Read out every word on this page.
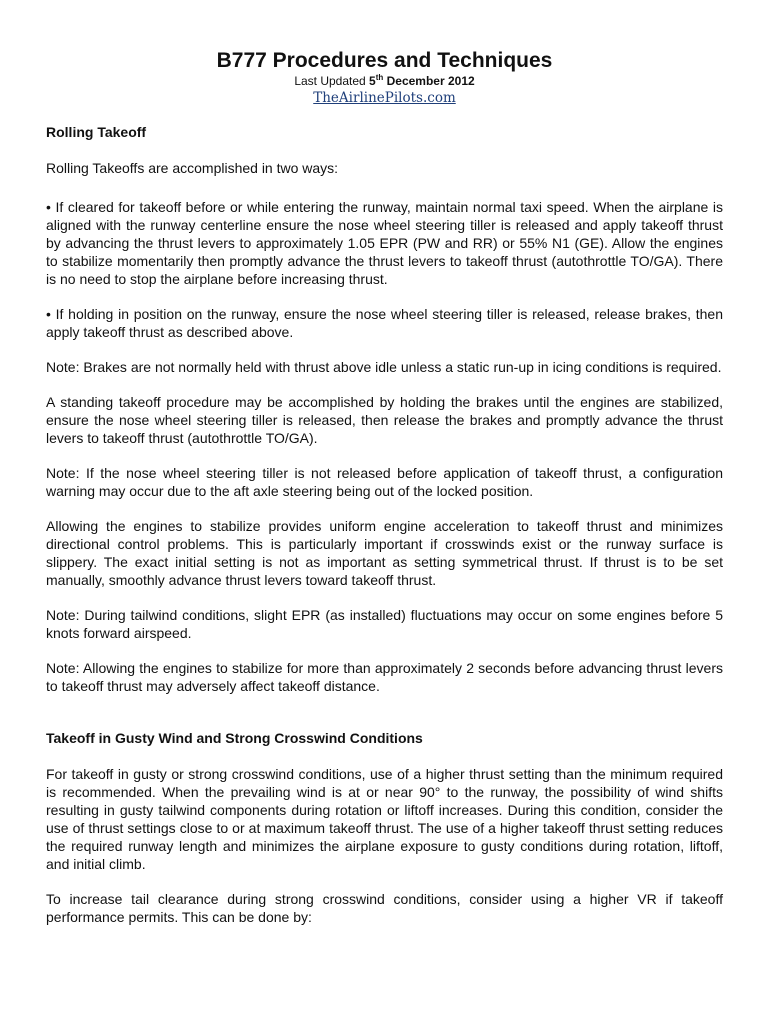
B777 Procedures and Techniques

Last Updated 5th December 2012

TheAirlinePilots.com
Rolling Takeoff

Rolling Takeoffs are accomplished in two ways:

• If cleared for takeoff before or while entering the runway, maintain normal taxi speed. When the airplane is aligned with the runway centerline ensure the nose wheel steering tiller is released and apply takeoff thrust by advancing the thrust levers to approximately 1.05 EPR (PW and RR) or 55% N1 (GE). Allow the engines to stabilize momentarily then promptly advance the thrust levers to takeoff thrust (autothrottle TO/GA). There is no need to stop the airplane before increasing thrust.

• If holding in position on the runway, ensure the nose wheel steering tiller is released, release brakes, then apply takeoff thrust as described above.

Note: Brakes are not normally held with thrust above idle unless a static run-up in icing conditions is required.

A standing takeoff procedure may be accomplished by holding the brakes until the engines are stabilized, ensure the nose wheel steering tiller is released, then release the brakes and promptly advance the thrust levers to takeoff thrust (autothrottle TO/GA).

Note: If the nose wheel steering tiller is not released before application of takeoff thrust, a configuration warning may occur due to the aft axle steering being out of the locked position.

Allowing the engines to stabilize provides uniform engine acceleration to takeoff thrust and minimizes directional control problems. This is particularly important if crosswinds exist or the runway surface is slippery. The exact initial setting is not as important as setting symmetrical thrust. If thrust is to be set manually, smoothly advance thrust levers toward takeoff thrust.

Note: During tailwind conditions, slight EPR (as installed) fluctuations may occur on some engines before 5 knots forward airspeed.

Note: Allowing the engines to stabilize for more than approximately 2 seconds before advancing thrust levers to takeoff thrust may adversely affect takeoff distance.

Takeoff in Gusty Wind and Strong Crosswind Conditions

For takeoff in gusty or strong crosswind conditions, use of a higher thrust setting than the minimum required is recommended. When the prevailing wind is at or near 90° to the runway, the possibility of wind shifts resulting in gusty tailwind components during rotation or liftoff increases. During this condition, consider the use of thrust settings close to or at maximum takeoff thrust. The use of a higher takeoff thrust setting reduces the required runway length and minimizes the airplane exposure to gusty conditions during rotation, liftoff, and initial climb.

To increase tail clearance during strong crosswind conditions, consider using a higher VR if takeoff performance permits. This can be done by:
